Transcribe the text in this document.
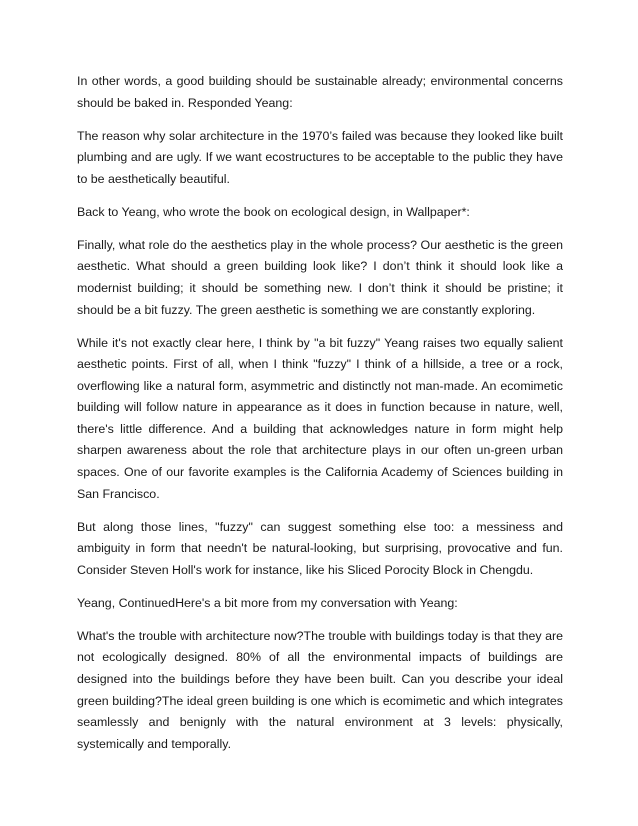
In other words, a good building should be sustainable already; environmental concerns should be baked in. Responded Yeang:

The reason why solar architecture in the 1970’s failed was because they looked like built plumbing and are ugly. If we want ecostructures to be acceptable to the public they have to be aesthetically beautiful.

Back to Yeang, who wrote the book on ecological design, in Wallpaper*:

Finally, what role do the aesthetics play in the whole process? Our aesthetic is the green aesthetic. What should a green building look like? I don’t think it should look like a modernist building; it should be something new. I don’t think it should be pristine; it should be a bit fuzzy. The green aesthetic is something we are constantly exploring.

While it's not exactly clear here, I think by "a bit fuzzy" Yeang raises two equally salient aesthetic points. First of all, when I think "fuzzy" I think of a hillside, a tree or a rock, overflowing like a natural form, asymmetric and distinctly not man-made. An ecomimetic building will follow nature in appearance as it does in function because in nature, well, there's little difference. And a building that acknowledges nature in form might help sharpen awareness about the role that architecture plays in our often un-green urban spaces. One of our favorite examples is the California Academy of Sciences building in San Francisco.

But along those lines, "fuzzy" can suggest something else too: a messiness and ambiguity in form that needn't be natural-looking, but surprising, provocative and fun. Consider Steven Holl's work for instance, like his Sliced Porocity Block in Chengdu.

Yeang, ContinuedHere's a bit more from my conversation with Yeang:

What's the trouble with architecture now?The trouble with buildings today is that they are not ecologically designed. 80% of all the environmental impacts of buildings are designed into the buildings before they have been built. Can you describe your ideal green building?The ideal green building is one which is ecomimetic and which integrates seamlessly and benignly with the natural environment at 3 levels: physically, systemically and temporally.
